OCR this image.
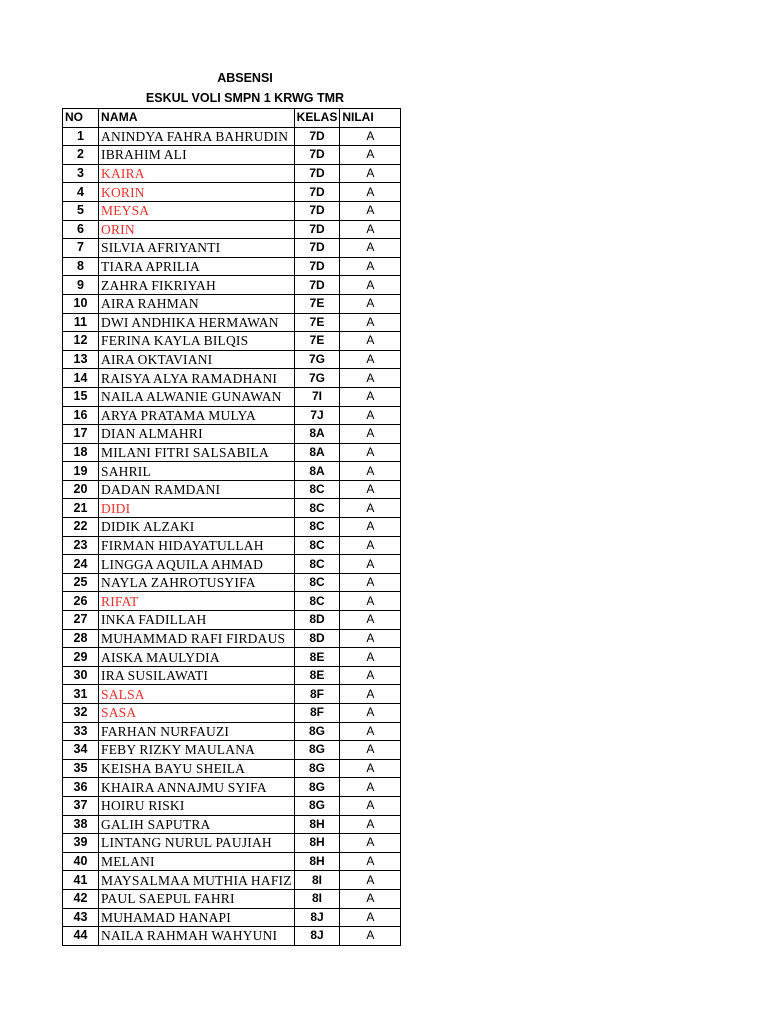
ABSENSI
ESKUL VOLI SMPN 1 KRWG TMR
NO	NAMA	KELAS	NILAI
1	ANINDYA FAHRA BAHRUDIN	7D	A
2	IBRAHIM ALI	7D	A
3	KAIRA	7D	A
4	KORIN	7D	A
5	MEYSA	7D	A
6	ORIN	7D	A
7	SILVIA AFRIYANTI	7D	A
8	TIARA APRILIA	7D	A
9	ZAHRA FIKRIYAH	7D	A
10	AIRA RAHMAN	7E	A
11	DWI ANDHIKA HERMAWAN	7E	A
12	FERINA KAYLA BILQIS	7E	A
13	AIRA OKTAVIANI	7G	A
14	RAISYA ALYA RAMADHANI	7G	A
15	NAILA ALWANIE GUNAWAN	7I	A
16	ARYA PRATAMA MULYA	7J	A
17	DIAN ALMAHRI	8A	A
18	MILANI FITRI SALSABILA	8A	A
19	SAHRIL	8A	A
20	DADAN RAMDANI	8C	A
21	DIDI	8C	A
22	DIDIK ALZAKI	8C	A
23	FIRMAN HIDAYATULLAH	8C	A
24	LINGGA AQUILA AHMAD	8C	A
25	NAYLA ZAHROTUSYIFA	8C	A
26	RIFAT	8C	A
27	INKA FADILLAH	8D	A
28	MUHAMMAD RAFI FIRDAUS	8D	A
29	AISKA MAULYDIA	8E	A
30	IRA SUSILAWATI	8E	A
31	SALSA	8F	A
32	SASA	8F	A
33	FARHAN NURFAUZI	8G	A
34	FEBY RIZKY MAULANA	8G	A
35	KEISHA BAYU SHEILA	8G	A
36	KHAIRA ANNAJMU SYIFA	8G	A
37	HOIRU RISKI	8G	A
38	GALIH SAPUTRA	8H	A
39	LINTANG NURUL PAUJIAH	8H	A
40	MELANI	8H	A
41	MAYSALMAA MUTHIA HAFIZ	8I	A
42	PAUL SAEPUL FAHRI	8I	A
43	MUHAMAD HANAPI	8J	A
44	NAILA RAHMAH WAHYUNI	8J	A
